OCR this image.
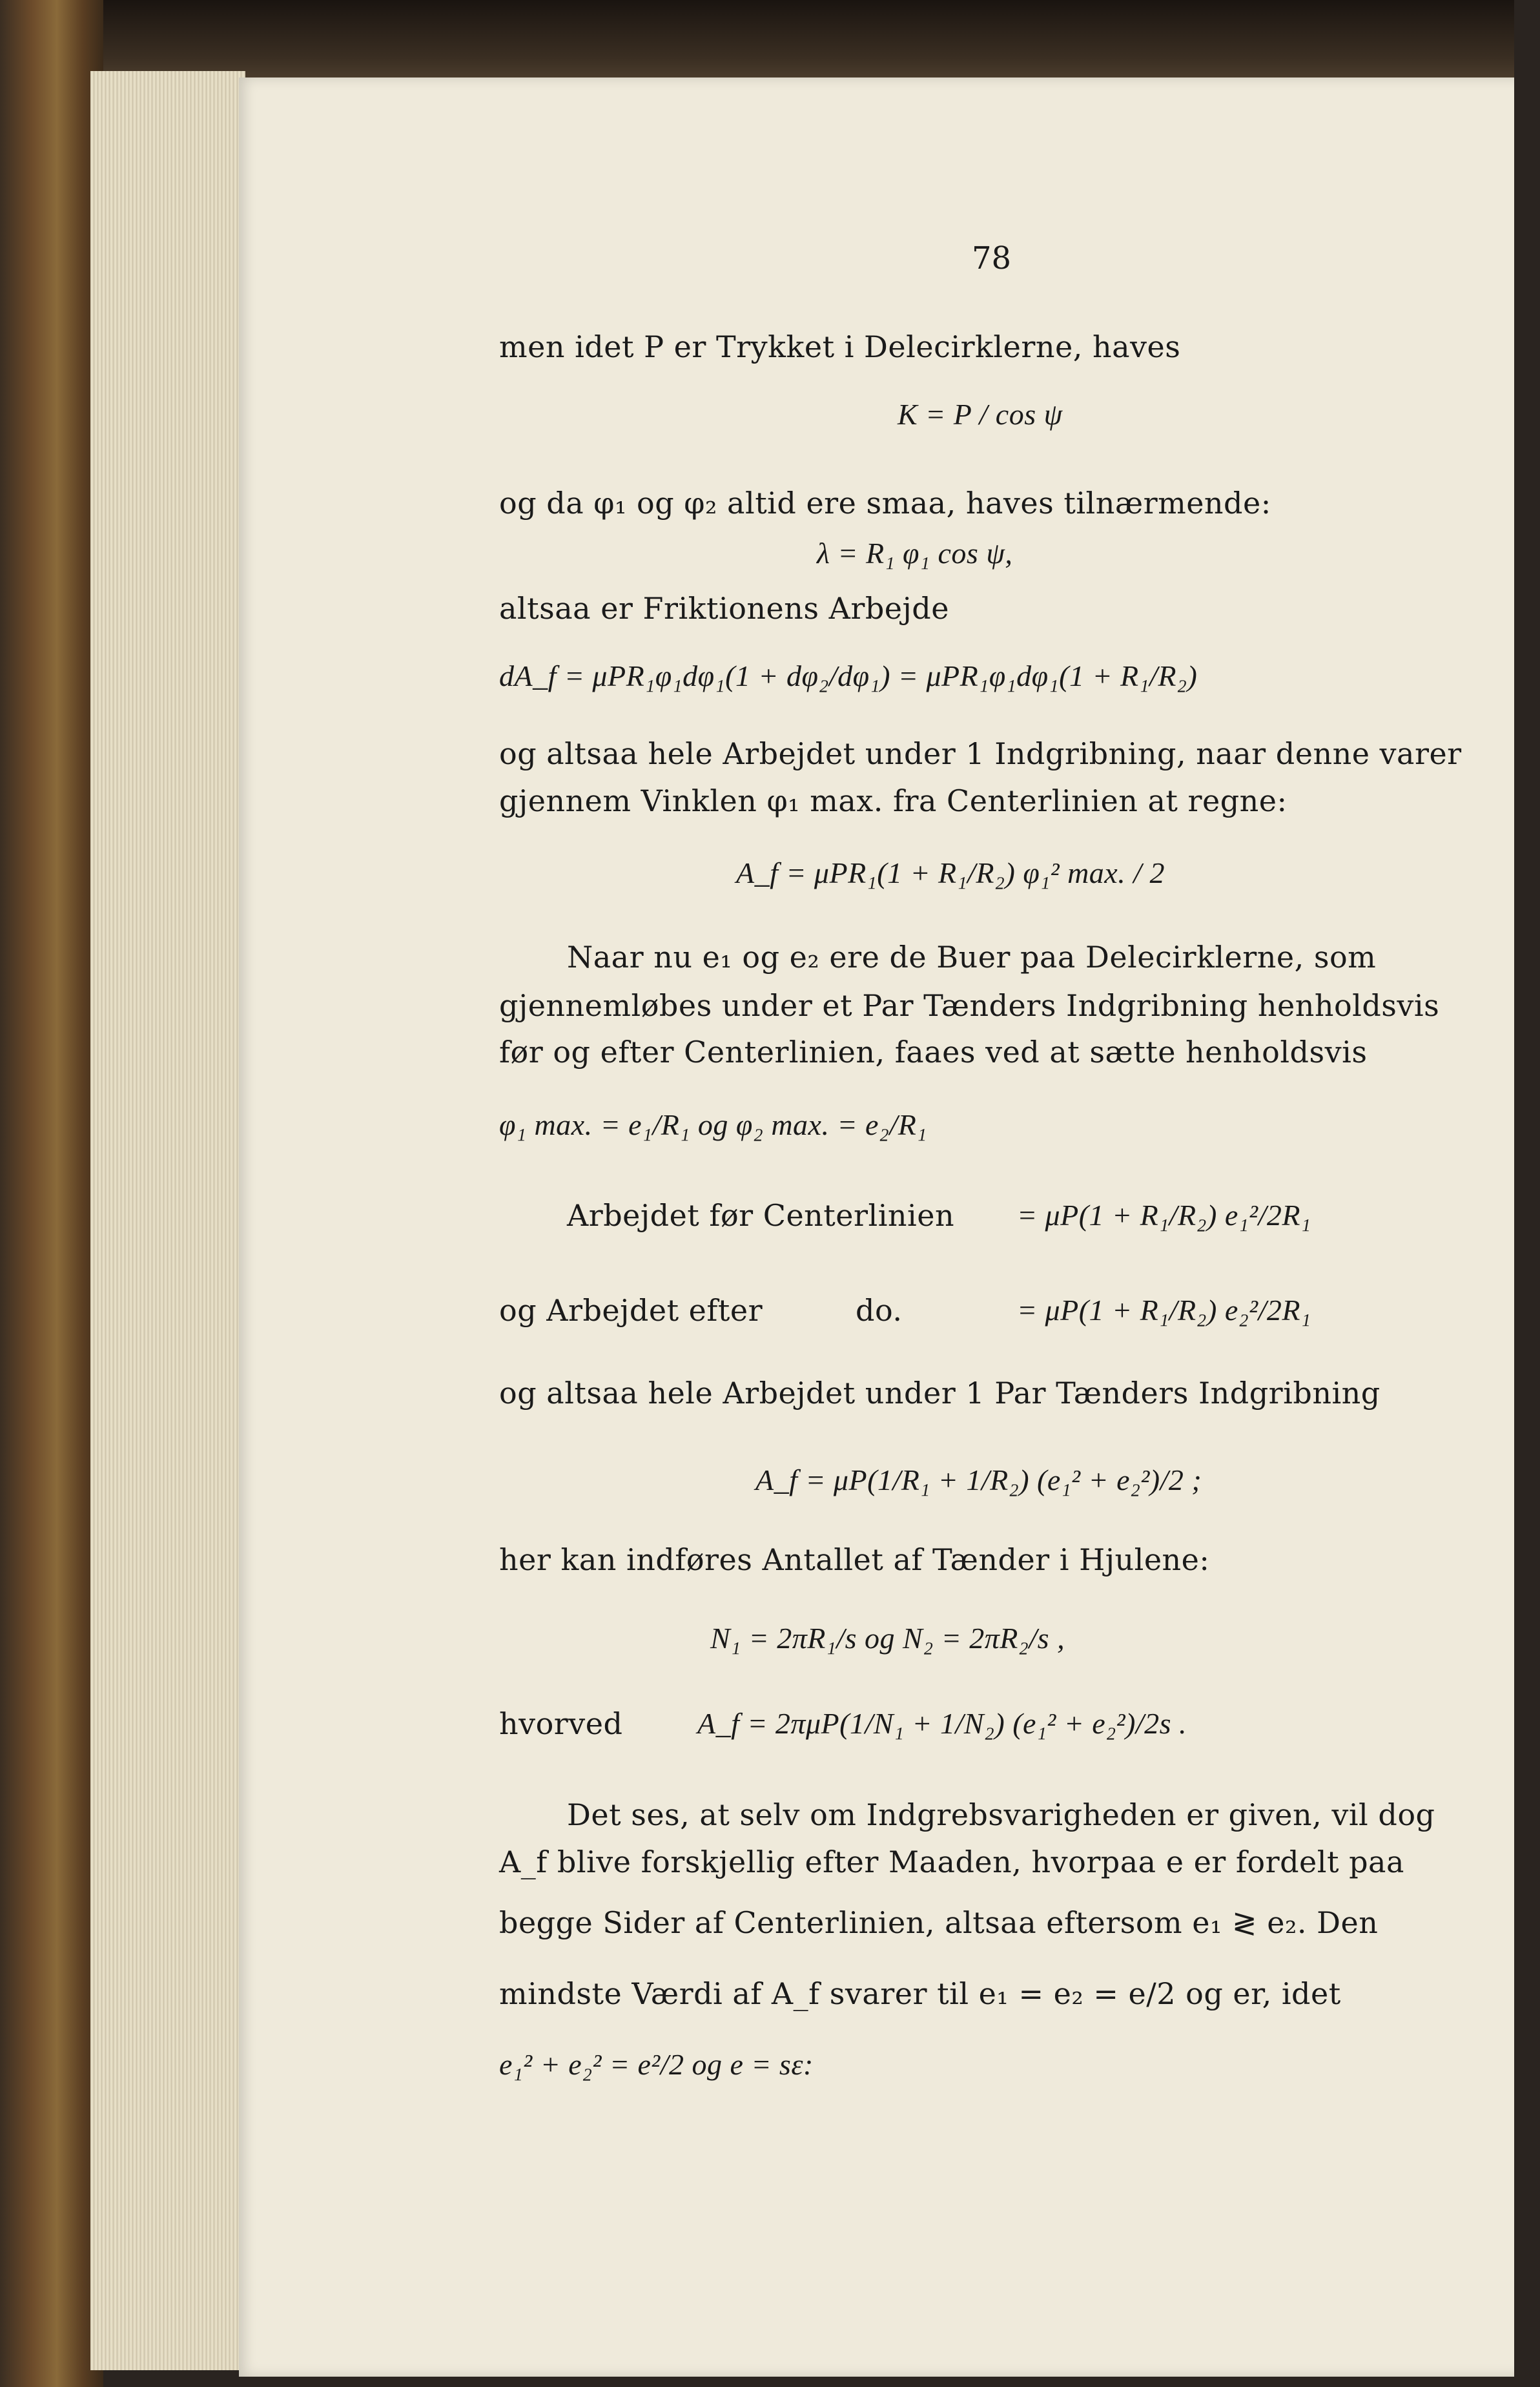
78
men idet P er Trykket i Delecirklerne, haves
K = P / cos ψ
og da φ₁ og φ₂ altid ere smaa, haves tilnærmende:
λ = R₁ φ₁ cos ψ,
altsaa er Friktionens Arbejde
dA_f = μPR₁φ₁dφ₁(1 + dφ₂/dφ₁) = μPR₁φ₁dφ₁(1 + R₁/R₂)
og altsaa hele Arbejdet under 1 Indgribning, naar denne varer
gjennem Vinklen φ₁ max. fra Centerlinien at regne:
A_f = μPR₁(1 + R₁/R₂) φ₁² max. / 2
Naar nu e₁ og e₂ ere de Buer paa Delecirklerne, som
gjennemløbes under et Par Tænders Indgribning henholdsvis
før og efter Centerlinien, faaes ved at sætte henholdsvis
φ₁ max. = e₁/R₁ og φ₂ max. = e₂/R₁
Arbejdet før Centerlinien = μP(1 + R₁/R₂) e₁²/2R₁
og Arbejdet efter	do.	= μP(1 + R₁/R₂) e₂²/2R₁
og altsaa hele Arbejdet under 1 Par Tænders Indgribning
A_f = μP(1/R₁ + 1/R₂) (e₁² + e₂²)/2 ;
her kan indføres Antallet af Tænder i Hjulene:
N₁ = 2πR₁/s og N₂ = 2πR₂/s ,
hvorved	A_f = 2πμP(1/N₁ + 1/N₂) (e₁² + e₂²)/2s .
Det ses, at selv om Indgrebsvarigheden er given, vil dog
A_f blive forskjellig efter Maaden, hvorpaa e er fordelt paa
begge Sider af Centerlinien, altsaa eftersom e₁ ≷ e₂. Den
mindste Værdi af A_f svarer til e₁ = e₂ = e/2 og er, idet
e₁² + e₂² = e²/2 og e = sε:
